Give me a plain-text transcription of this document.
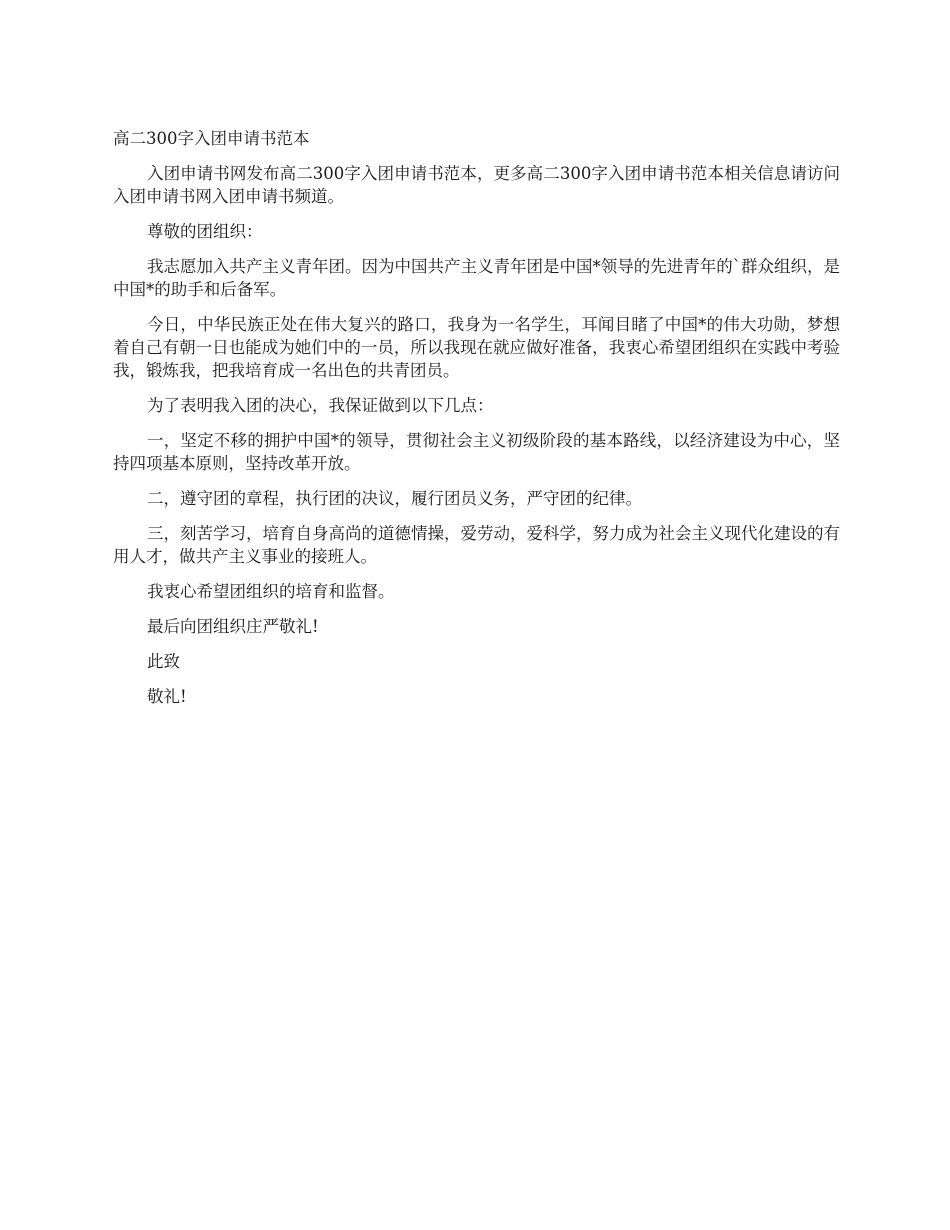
高二300字入团申请书范本

入团申请书网发布高二300字入团申请书范本，更多高二300字入团申请书范本相关信息请访问入团申请书网入团申请书频道。

尊敬的团组织：

我志愿加入共产主义青年团。因为中国共产主义青年团是中国*领导的先进青年的`群众组织，是中国*的助手和后备军。

今日，中华民族正处在伟大复兴的路口，我身为一名学生，耳闻目睹了中国*的伟大功勋，梦想着自己有朝一日也能成为她们中的一员，所以我现在就应做好准备，我衷心希望团组织在实践中考验我，锻炼我，把我培育成一名出色的共青团员。

为了表明我入团的决心，我保证做到以下几点：

一，坚定不移的拥护中国*的领导，贯彻社会主义初级阶段的基本路线，以经济建设为中心，坚持四项基本原则，坚持改革开放。

二，遵守团的章程，执行团的决议，履行团员义务，严守团的纪律。

三，刻苦学习，培育自身高尚的道德情操，爱劳动，爱科学，努力成为社会主义现代化建设的有用人才，做共产主义事业的接班人。

我衷心希望团组织的培育和监督。

最后向团组织庄严敬礼!

此致

敬礼!
